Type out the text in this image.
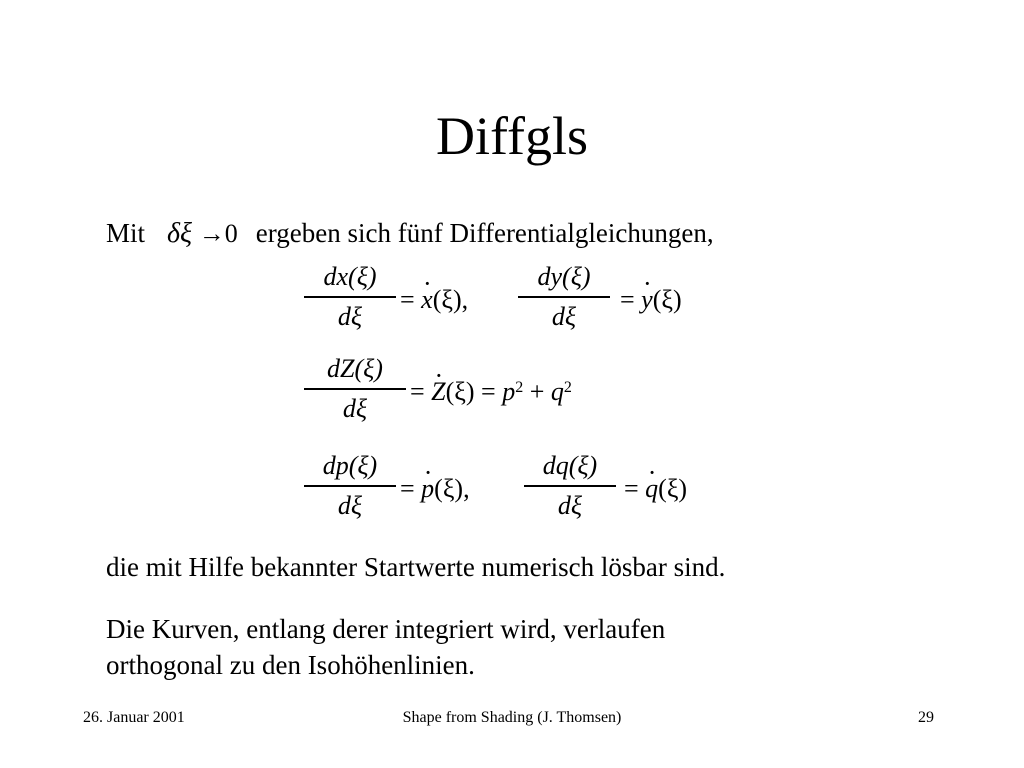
Diffgls
Mit δξ →0 ergeben sich fünf Differentialgleichungen,
dx(ξ)
dξ
= x ·(ξ),
dy(ξ)
dξ
= y ·(ξ)
dZ(ξ)
dξ
= $Z \cdot(\xi) = p^2 + q^2$
dp(ξ)
dξ
= p ·(ξ),
dq(ξ)
dξ
= q ·(ξ)
die mit Hilfe bekannter Startwerte numerisch lösbar sind.
Die Kurven, entlang derer integriert wird, verlaufen
orthogonal zu den Isohöhenlinien.
26. Januar 2001	Shape from Shading (J. Thomsen)	29
